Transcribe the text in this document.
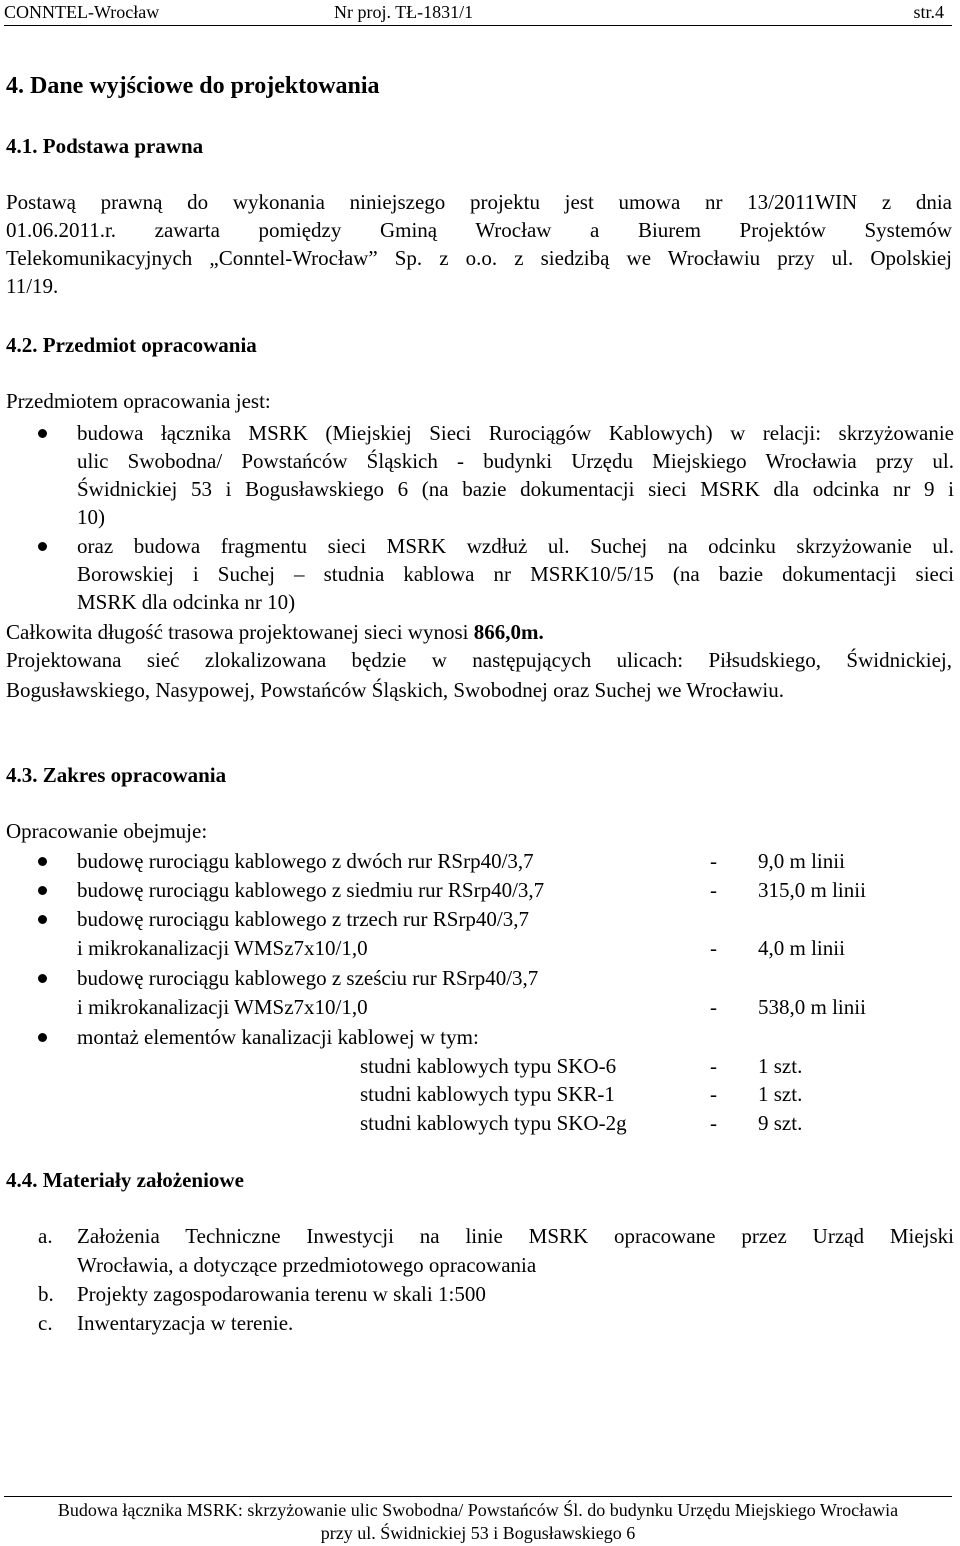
CONNTEL-Wrocław	Nr proj. TŁ-1831/1	str.4
4. Dane wyjściowe do projektowania
4.1. Podstawa prawna
Postawą prawną do wykonania niniejszego projektu jest umowa nr 13/2011WIN z dnia
01.06.2011.r. zawarta pomiędzy Gminą Wrocław a Biurem Projektów Systemów
Telekomunikacyjnych „Conntel-Wrocław” Sp. z o.o. z siedzibą we Wrocławiu przy ul. Opolskiej
11/19.
4.2. Przedmiot opracowania
Przedmiotem opracowania jest:
budowa łącznika MSRK (Miejskiej Sieci Rurociągów Kablowych) w relacji: skrzyżowanie
ulic Swobodna/ Powstańców Śląskich - budynki Urzędu Miejskiego Wrocławia przy ul.
Świdnickiej 53 i Bogusławskiego 6 (na bazie dokumentacji sieci MSRK dla odcinka nr 9 i
10)
oraz budowa fragmentu sieci MSRK wzdłuż ul. Suchej na odcinku skrzyżowanie ul.
Borowskiej i Suchej – studnia kablowa nr MSRK10/5/15 (na bazie dokumentacji sieci
MSRK dla odcinka nr 10)
Całkowita długość trasowa projektowanej sieci wynosi 866,0m.
Projektowana sieć zlokalizowana będzie w następujących ulicach: Piłsudskiego, Świdnickiej,
Bogusławskiego, Nasypowej, Powstańców Śląskich, Swobodnej oraz Suchej we Wrocławiu.
4.3. Zakres opracowania
Opracowanie obejmuje:
budowę rurociągu kablowego z dwóch rur RSrp40/3,7	- 9,0 m linii
budowę rurociągu kablowego z siedmiu rur RSrp40/3,7	- 315,0 m linii
budowę rurociągu kablowego z trzech rur RSrp40/3,7
i mikrokanalizacji WMSz7x10/1,0	- 4,0 m linii
budowę rurociągu kablowego z sześciu rur RSrp40/3,7
i mikrokanalizacji WMSz7x10/1,0	- 538,0 m linii
montaż elementów kanalizacji kablowej w tym:
studni kablowych typu SKO-6	- 1 szt.
studni kablowych typu SKR-1	- 1 szt.
studni kablowych typu SKO-2g	- 9 szt.
4.4. Materiały założeniowe
a. Założenia Techniczne Inwestycji na linie MSRK opracowane przez Urząd Miejski
Wrocławia, a dotyczące przedmiotowego opracowania
b. Projekty zagospodarowania terenu w skali 1:500
c. Inwentaryzacja w terenie.
Budowa łącznika MSRK: skrzyżowanie ulic Swobodna/ Powstańców Śl. do budynku Urzędu Miejskiego Wrocławia
przy ul. Świdnickiej 53 i Bogusławskiego 6
